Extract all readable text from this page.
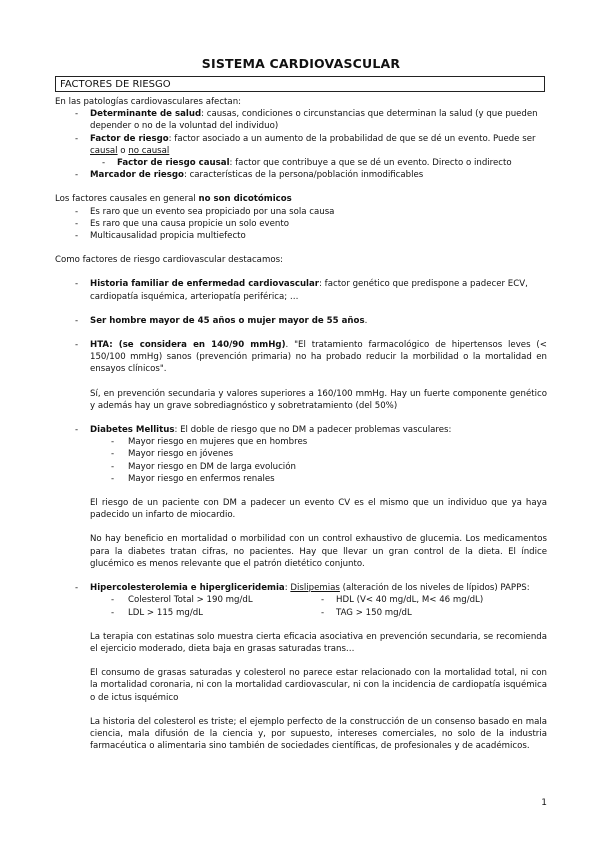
SISTEMA CARDIOVASCULAR
FACTORES DE RIESGO

En las patologías cardiovasculares afectan:

- Determinante de salud: causas, condiciones o circunstancias que determinan la salud (y que pueden depender o no de la voluntad del individuo)
- Factor de riesgo: factor asociado a un aumento de la probabilidad de que se dé un evento. Puede ser causal o no causal
- Factor de riesgo causal: factor que contribuye a que se dé un evento. Directo o indirecto
- Marcador de riesgo: características de la persona/población inmodificables

Los factores causales en general no son dicotómicos

- Es raro que un evento sea propiciado por una sola causa
- Es raro que una causa propicie un solo evento
- Multicausalidad propicia multiefecto

Como factores de riesgo cardiovascular destacamos:

- Historia familiar de enfermedad cardiovascular: factor genético que predispone a padecer ECV, cardiopatía isquémica, arteriopatía periférica; …
- Ser hombre mayor de 45 años o mujer mayor de 55 años.
- HTA: (se considera en 140/90 mmHg). "El tratamiento farmacológico de hipertensos leves (< 150/100 mmHg) sanos (prevención primaria) no ha probado reducir la morbilidad o la mortalidad en ensayos clínicos".

Sí, en prevención secundaria y valores superiores a 160/100 mmHg. Hay un fuerte componente genético y además hay un grave sobrediagnóstico y sobretratamiento (del 50%)

- Diabetes Mellitus: El doble de riesgo que no DM a padecer problemas vasculares:
- Mayor riesgo en mujeres que en hombres
- Mayor riesgo en jóvenes
- Mayor riesgo en DM de larga evolución
- Mayor riesgo en enfermos renales

El riesgo de un paciente con DM a padecer un evento CV es el mismo que un individuo que ya haya padecido un infarto de miocardio.

No hay beneficio en mortalidad o morbilidad con un control exhaustivo de glucemia. Los medicamentos para la diabetes tratan cifras, no pacientes. Hay que llevar un gran control de la dieta. El índice glucémico es menos relevante que el patrón dietético conjunto.

- Hipercolesterolemia e hipergliceridemia: Dislipemias (alteración de los niveles de lípidos) PAPPS:
- Colesterol Total > 190 mg/dL
- LDL > 115 mg/dL
- HDL (V< 40 mg/dL, M< 46 mg/dL)
- TAG > 150 mg/dL

La terapia con estatinas solo muestra cierta eficacia asociativa en prevención secundaria, se recomienda el ejercicio moderado, dieta baja en grasas saturadas trans…

El consumo de grasas saturadas y colesterol no parece estar relacionado con la mortalidad total, ni con la mortalidad coronaria, ni con la mortalidad cardiovascular, ni con la incidencia de cardiopatía isquémica o de ictus isquémico

La historia del colesterol es triste; el ejemplo perfecto de la construcción de un consenso basado en mala ciencia, mala difusión de la ciencia y, por supuesto, intereses comerciales, no solo de la industria farmacéutica o alimentaria sino también de sociedades científicas, de profesionales y de académicos.

1
